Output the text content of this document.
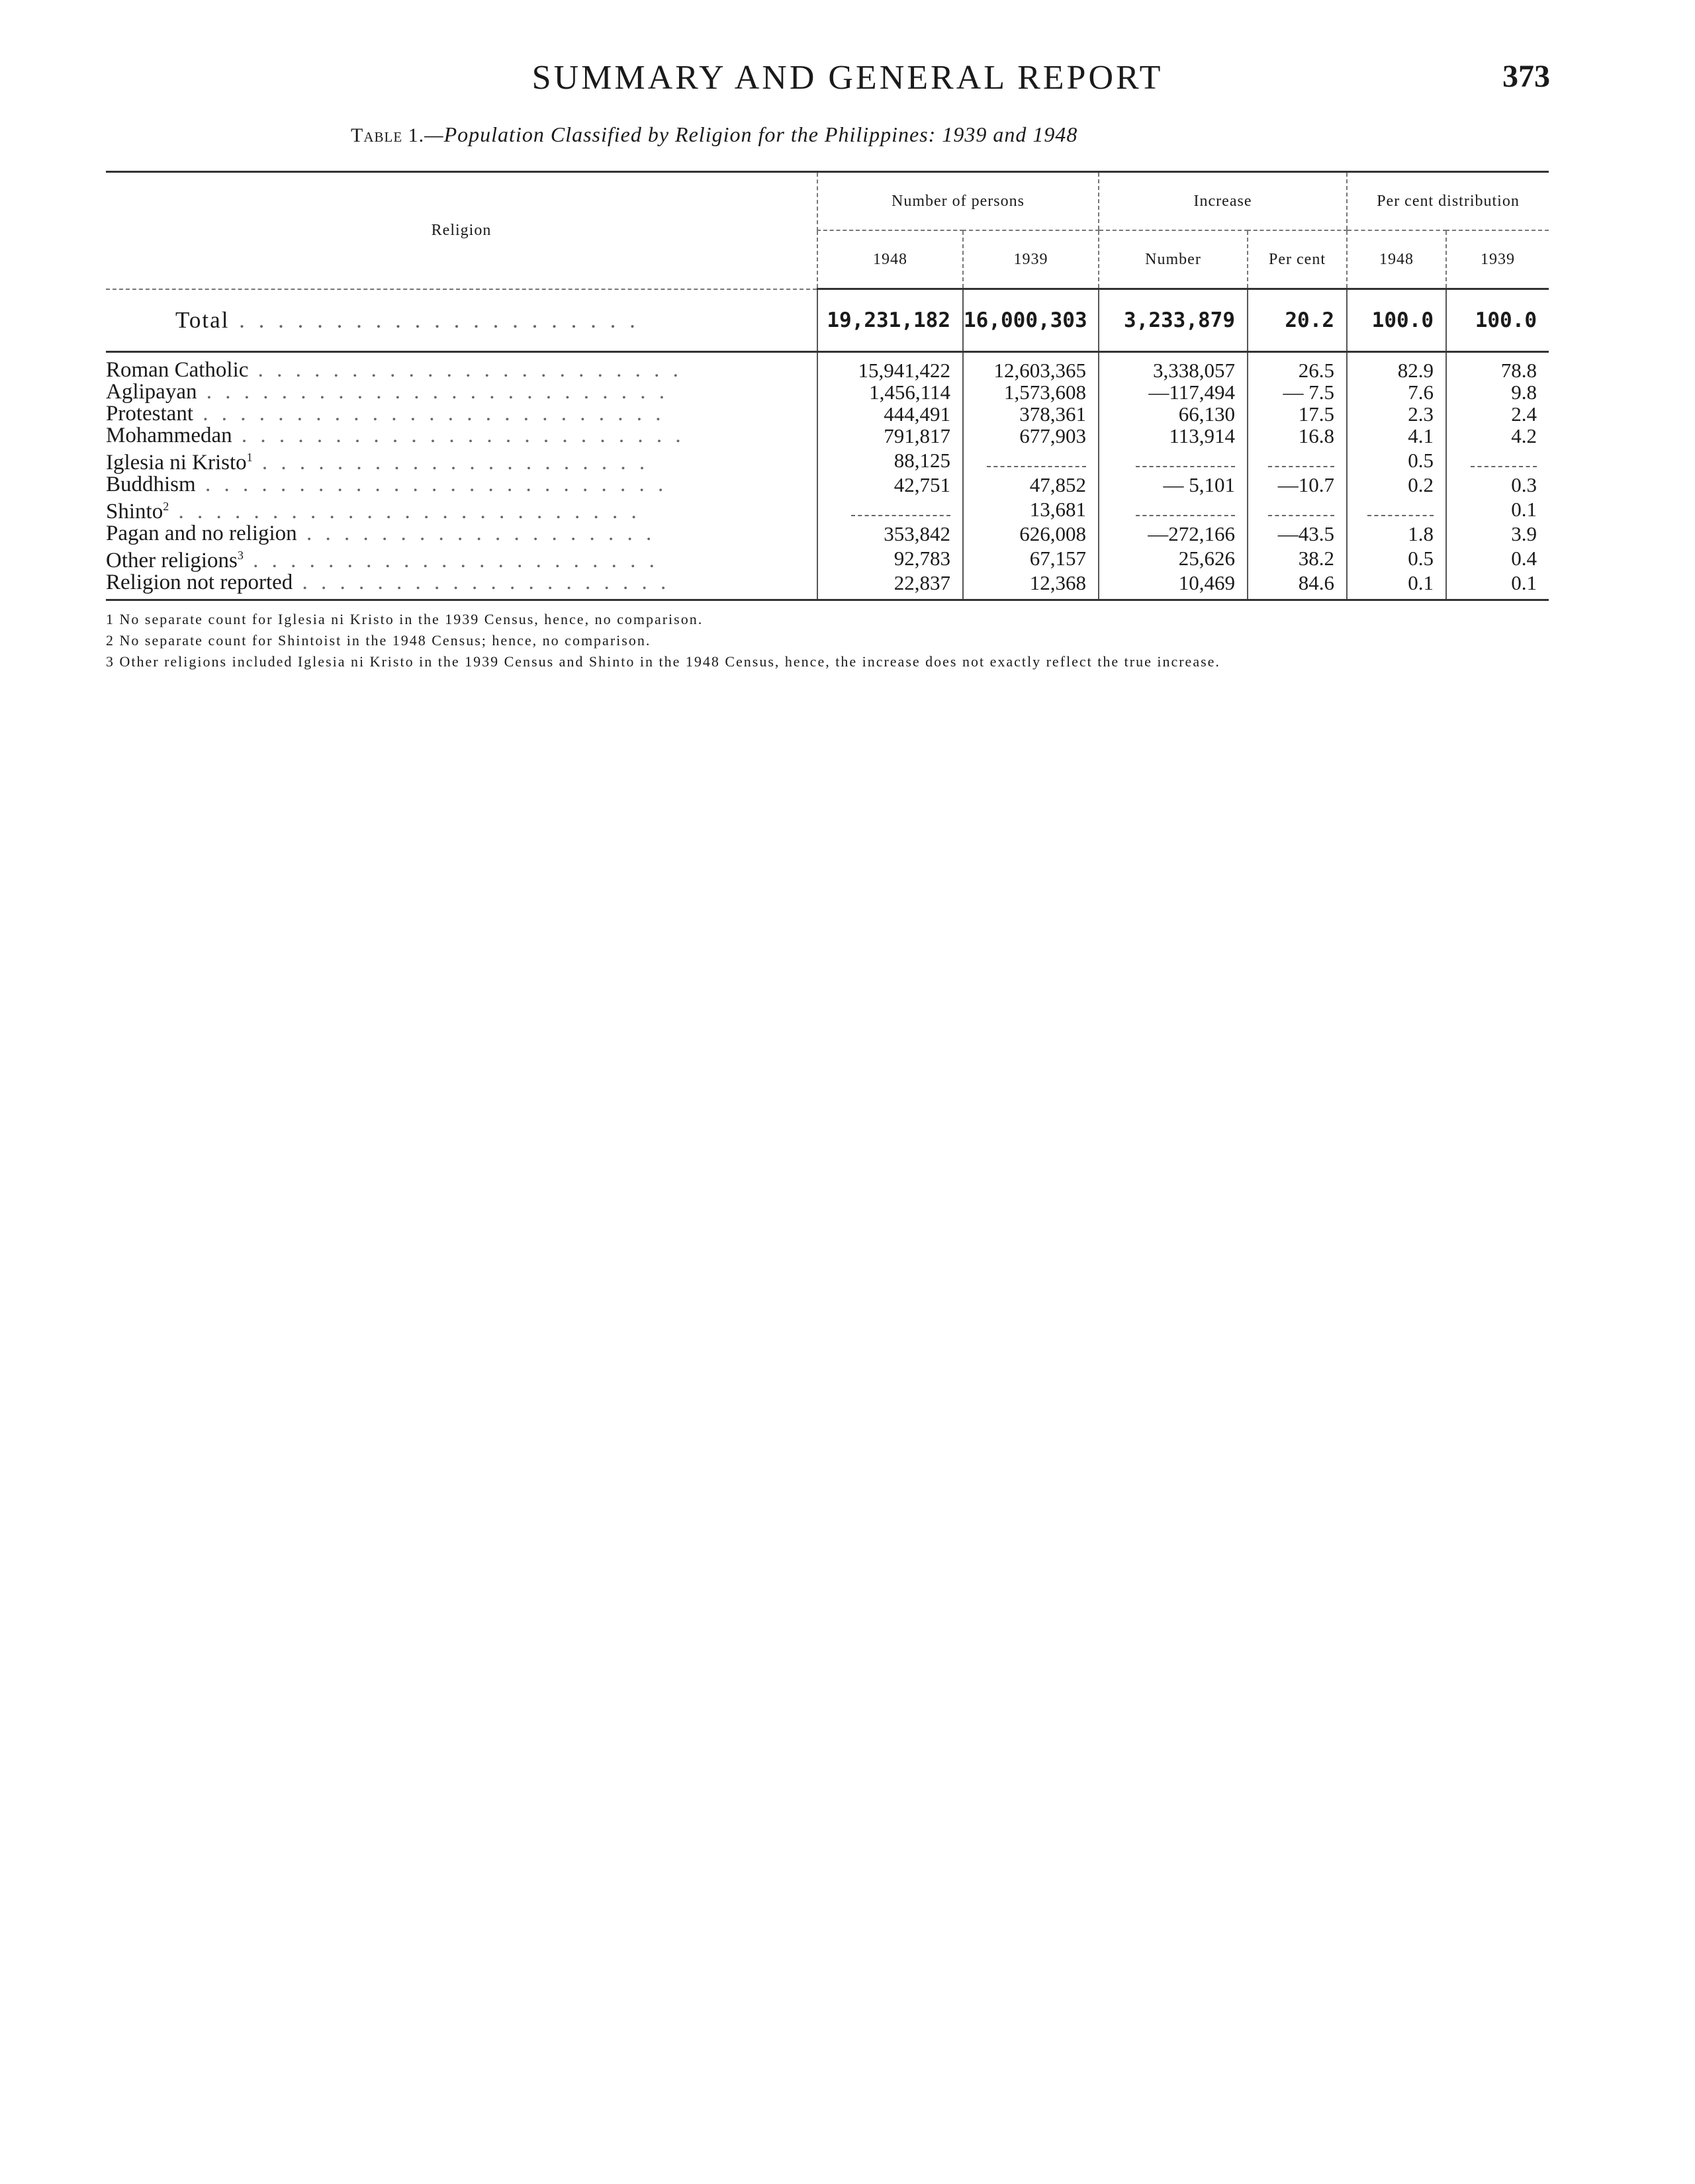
SUMMARY AND GENERAL REPORT	373
Table 1.—Population Classified by Religion for the Philippines: 1939 and 1948
Religion	Number of persons		Increase		Per cent distribution	
	1948	1939	Number	Per cent	1948	1939
Total . . . . . . . . . . . . . . . . . . . . .	19,231,182	16,000,303	3,233,879	20.2	100.0	100.0

Roman Catholic . . . . . . . . . . . . . . . . . . . . . . .	15,941,422	12,603,365	3,338,057	26.5	82.9	78.8
Aglipayan . . . . . . . . . . . . . . . . . . . . . . . . .	1,456,114	1,573,608	—117,494	— 7.5	7.6	9.8
Protestant . . . . . . . . . . . . . . . . . . . . . . . . .	444,491	378,361	66,130	17.5	2.3	2.4
Mohammedan . . . . . . . . . . . . . . . . . . . . . . . .	791,817	677,903	113,914	16.8	4.1	4.2
Iglesia ni Kristo$^1$ . . . . . . . . . . . . . . . . . . . . .	88,125				0.5	
Buddhism . . . . . . . . . . . . . . . . . . . . . . . . .	42,751	47,852	— 5,101	—10.7	0.2	0.3
Shinto$^2$ . . . . . . . . . . . . . . . . . . . . . . . . .		13,681				0.1
Pagan and no religion . . . . . . . . . . . . . . . . . . .	353,842	626,008	—272,166	—43.5	1.8	3.9
Other religions$^3$ . . . . . . . . . . . . . . . . . . . . . .	92,783	67,157	25,626	38.2	0.5	0.4
Religion not reported . . . . . . . . . . . . . . . . . . . .	22,837	12,368	10,469	84.6	0.1	0.1
1 No separate count for Iglesia ni Kristo in the 1939 Census, hence, no comparison.
2 No separate count for Shintoist in the 1948 Census; hence, no comparison.
3 Other religions included Iglesia ni Kristo in the 1939 Census and Shinto in the 1948 Census, hence, the increase does not exactly reflect the true increase.
